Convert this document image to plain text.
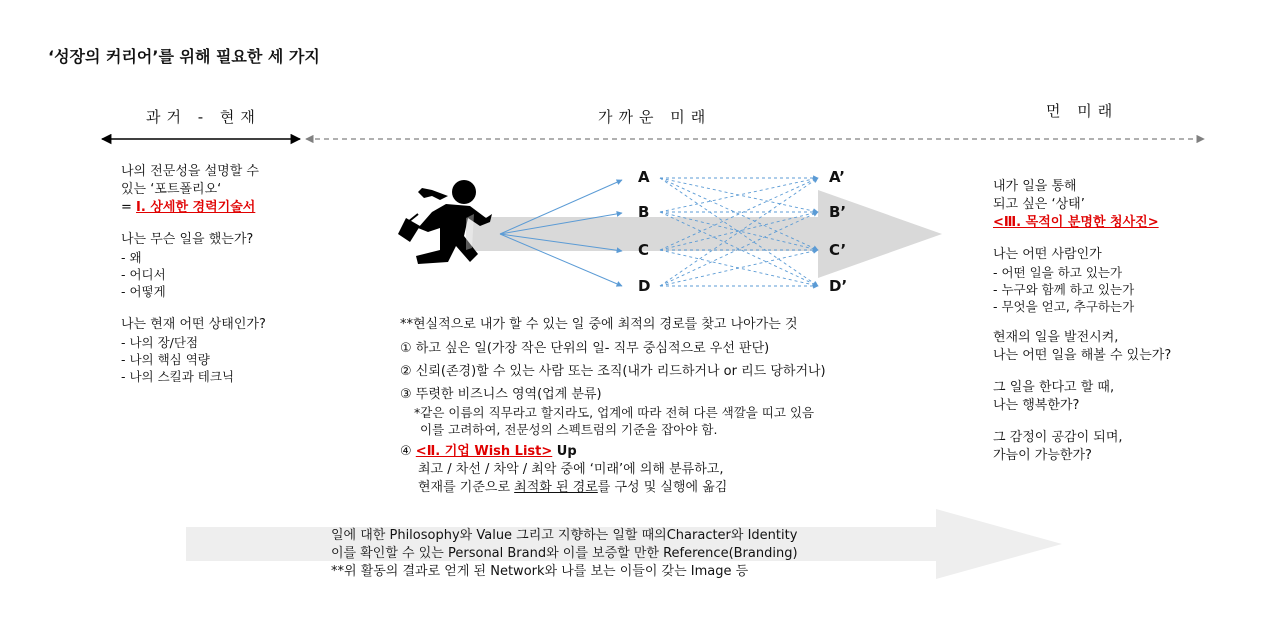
‘성장의 커리어’를 위해 필요한 세 가지
과거 - 현재	가까운 미래	먼 미래
나의 전문성을 설명할 수
있는 ‘포트폴리오‘
= Ⅰ. 상세한 경력기술서
나는 무슨 일을 했는가?
- 왜
- 어디서
- 어떻게
나는 현재 어떤 상태인가?
- 나의 장/단점
- 나의 핵심 역량
- 나의 스킬과 테크닉
A
B
C
D
A’
B’
C’
D’
**현실적으로 내가 할 수 있는 일 중에 최적의 경로를 찾고 나아가는 것
① 하고 싶은 일(가장 작은 단위의 일- 직무 중심적으로 우선 판단)
② 신뢰(존경)할 수 있는 사람 또는 조직(내가 리드하거나 or 리드 당하거나)
③ 뚜렷한 비즈니스 영역(업계 분류)
*같은 이름의 직무라고 할지라도, 업계에 따라 전혀 다른 색깔을 띠고 있음
이를 고려하여, 전문성의 스펙트럼의 기준을 잡아야 함.
④ <Ⅱ. 기업 Wish List> Up
최고 / 차선 / 차악 / 최악 중에 ‘미래’에 의해 분류하고,
현재를 기준으로 최적화 된 경로를 구성 및 실행에 옮김
내가 일을 통해
되고 싶은 ‘상태’
<Ⅲ. 목적이 분명한 청사진>
나는 어떤 사람인가
- 어떤 일을 하고 있는가
- 누구와 함께 하고 있는가
- 무엇을 얻고, 추구하는가
현재의 일을 발전시켜,
나는 어떤 일을 해볼 수 있는가?
그 일을 한다고 할 때,
나는 행복한가?
그 감정이 공감이 되며,
가늠이 가능한가?
일에 대한 Philosophy와 Value 그리고 지향하는 일할 때의Character와 Identity
이를 확인할 수 있는 Personal Brand와 이를 보증할 만한 Reference(Branding)
**위 활동의 결과로 얻게 된 Network와 나를 보는 이들이 갖는 Image 등
